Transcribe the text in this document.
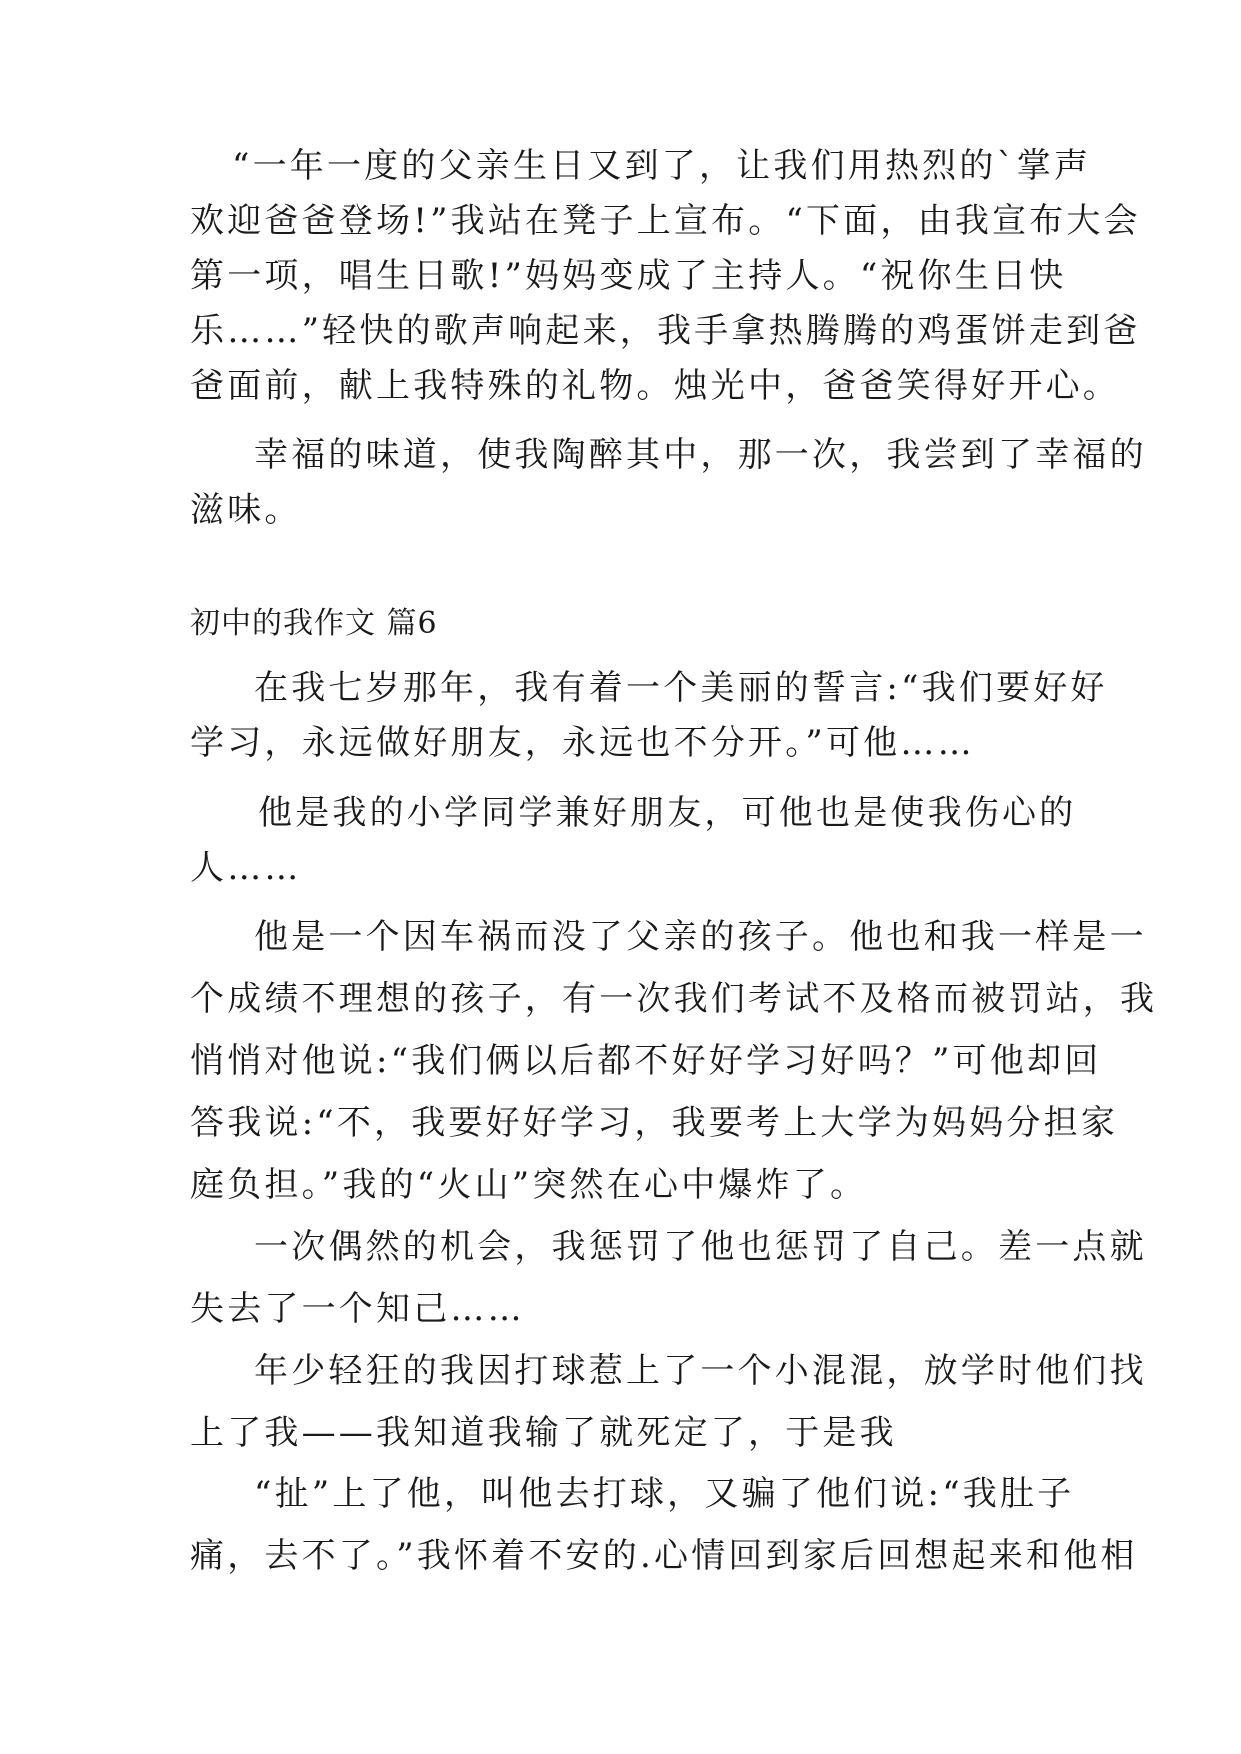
“一年一度的父亲生日又到了，让我们用热烈的`掌声
欢迎爸爸登场!”我站在凳子上宣布。“下面，由我宣布大会
第一项，唱生日歌!”妈妈变成了主持人。“祝你生日快
乐……”轻快的歌声响起来，我手拿热腾腾的鸡蛋饼走到爸
爸面前，献上我特殊的礼物。烛光中，爸爸笑得好开心。
幸福的味道，使我陶醉其中，那一次，我尝到了幸福的
滋味。
初中的我作文 篇6
在我七岁那年，我有着一个美丽的誓言:“我们要好好
学习，永远做好朋友，永远也不分开。”可他……
他是我的小学同学兼好朋友，可他也是使我伤心的
人……
他是一个因车祸而没了父亲的孩子。他也和我一样是一
个成绩不理想的孩子，有一次我们考试不及格而被罚站，我
悄悄对他说:“我们俩以后都不好好学习好吗？”可他却回
答我说:“不，我要好好学习，我要考上大学为妈妈分担家
庭负担。”我的“火山”突然在心中爆炸了。
一次偶然的机会，我惩罚了他也惩罚了自己。差一点就
失去了一个知己……
年少轻狂的我因打球惹上了一个小混混，放学时他们找
上了我——我知道我输了就死定了，于是我
“扯”上了他，叫他去打球，又骗了他们说:“我肚子
痛，去不了。”我怀着不安的.心情回到家后回想起来和他相
